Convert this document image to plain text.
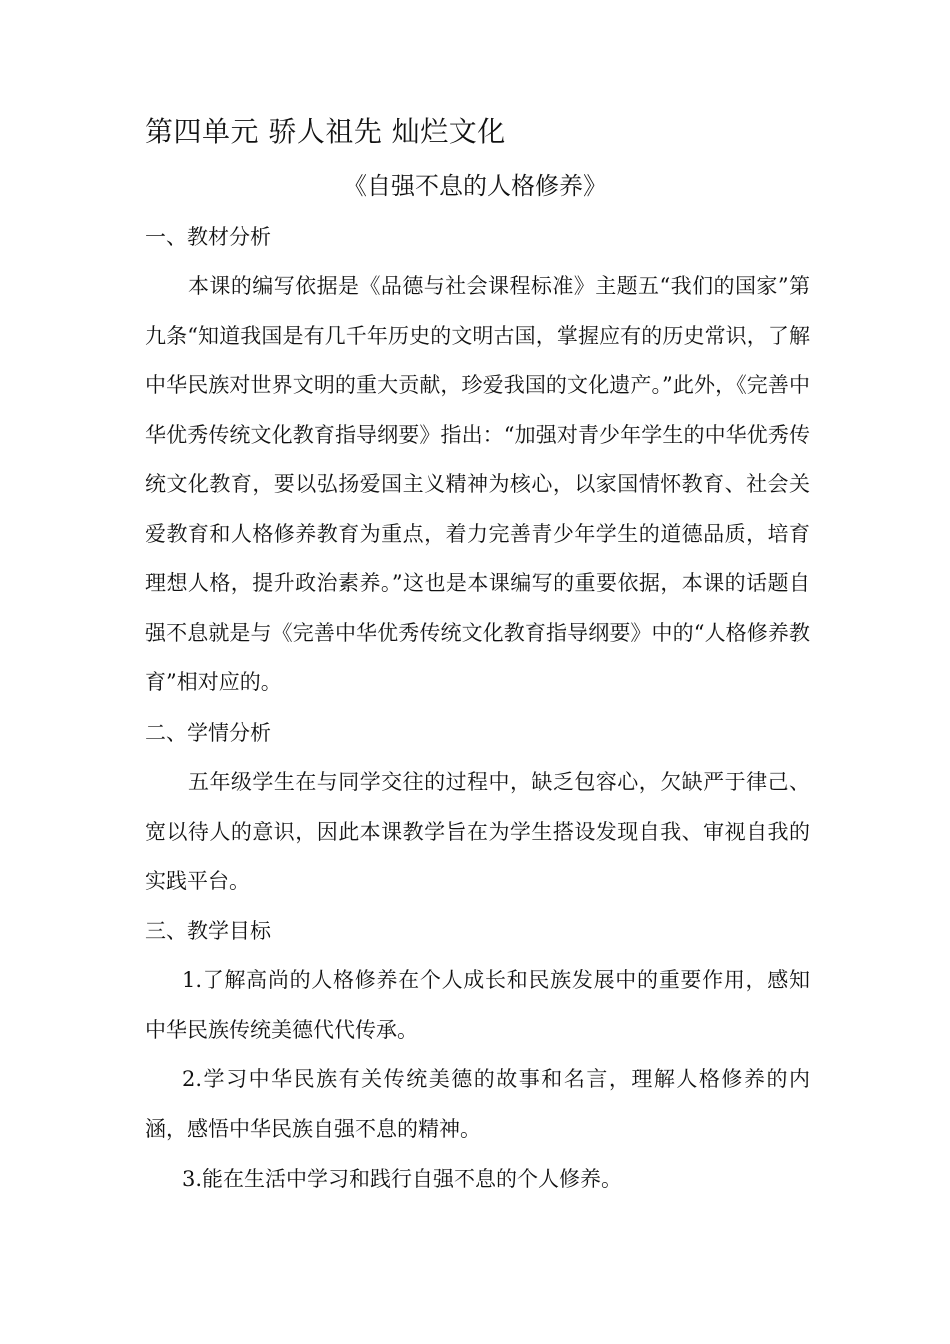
第四单元 骄人祖先 灿烂文化
《自强不息的人格修养》
一、教材分析
本课的编写依据是《品德与社会课程标准》主题五“我们的国家”第九条“知道我国是有几千年历史的文明古国，掌握应有的历史常识，了解中华民族对世界文明的重大贡献，珍爱我国的文化遗产。”此外，《完善中华优秀传统文化教育指导纲要》指出：“加强对青少年学生的中华优秀传统文化教育，要以弘扬爱国主义精神为核心，以家国情怀教育、社会关爱教育和人格修养教育为重点，着力完善青少年学生的道德品质，培育理想人格，提升政治素养。”这也是本课编写的重要依据，本课的话题自强不息就是与《完善中华优秀传统文化教育指导纲要》中的“人格修养教育”相对应的。
二、学情分析
五年级学生在与同学交往的过程中，缺乏包容心，欠缺严于律己、宽以待人的意识，因此本课教学旨在为学生搭设发现自我、审视自我的实践平台。
三、教学目标
1.了解高尚的人格修养在个人成长和民族发展中的重要作用，感知中华民族传统美德代代传承。
2.学习中华民族有关传统美德的故事和名言，理解人格修养的内涵，感悟中华民族自强不息的精神。
3.能在生活中学习和践行自强不息的个人修养。
